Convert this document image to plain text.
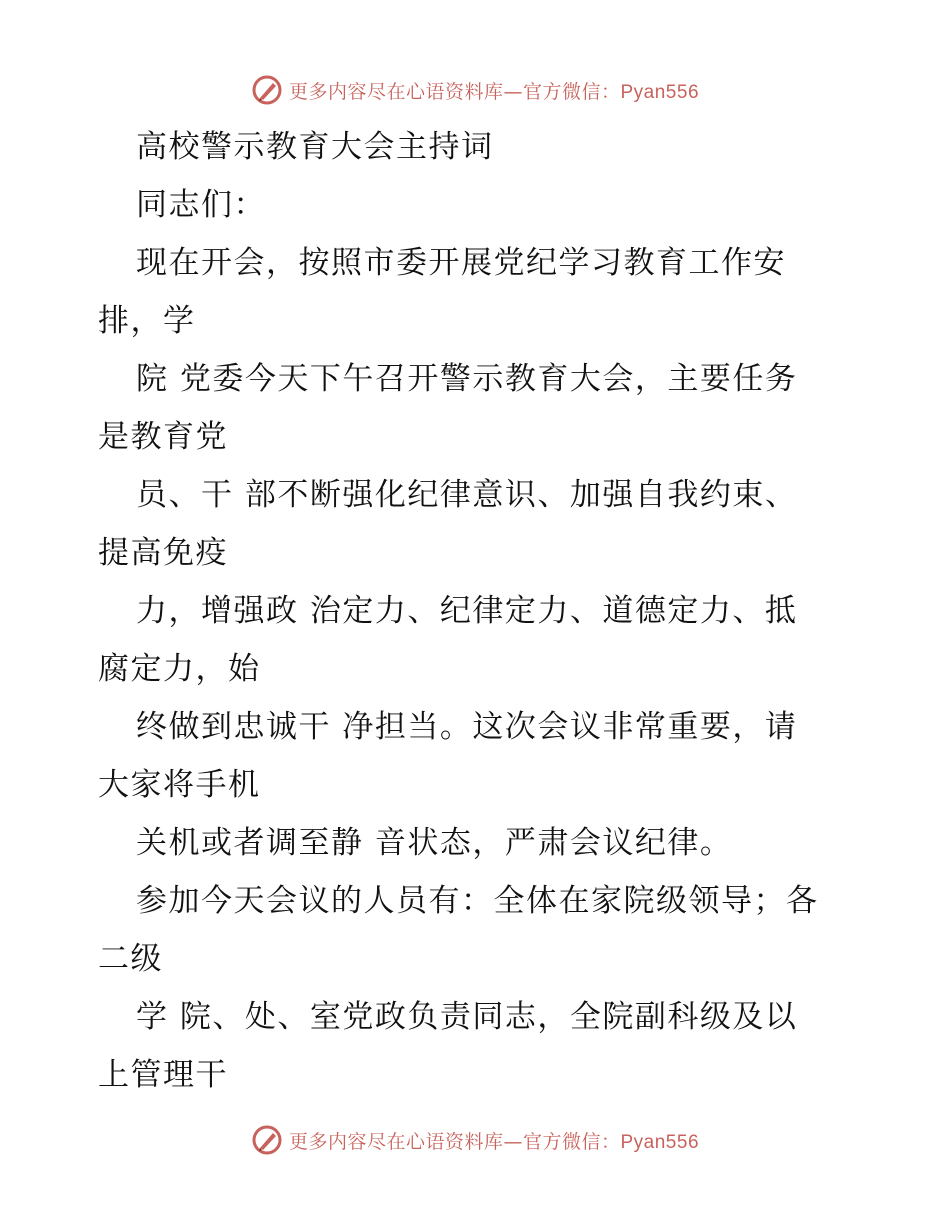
更多内容尽在心语资料库—官方微信：Pyan556
高校警示教育大会主持词
同志们：
现在开会，按照市委开展党纪学习教育工作安
排，学
院 党委今天下午召开警示教育大会，主要任务
是教育党
员、干 部不断强化纪律意识、加强自我约束、
提高免疫
力，增强政 治定力、纪律定力、道德定力、抵
腐定力，始
终做到忠诚干 净担当。这次会议非常重要，请
大家将手机
关机或者调至静 音状态，严肃会议纪律。
参加今天会议的人员有：全体在家院级领导；各
二级
学 院、处、室党政负责同志，全院副科级及以
上管理干
更多内容尽在心语资料库—官方微信：Pyan556
